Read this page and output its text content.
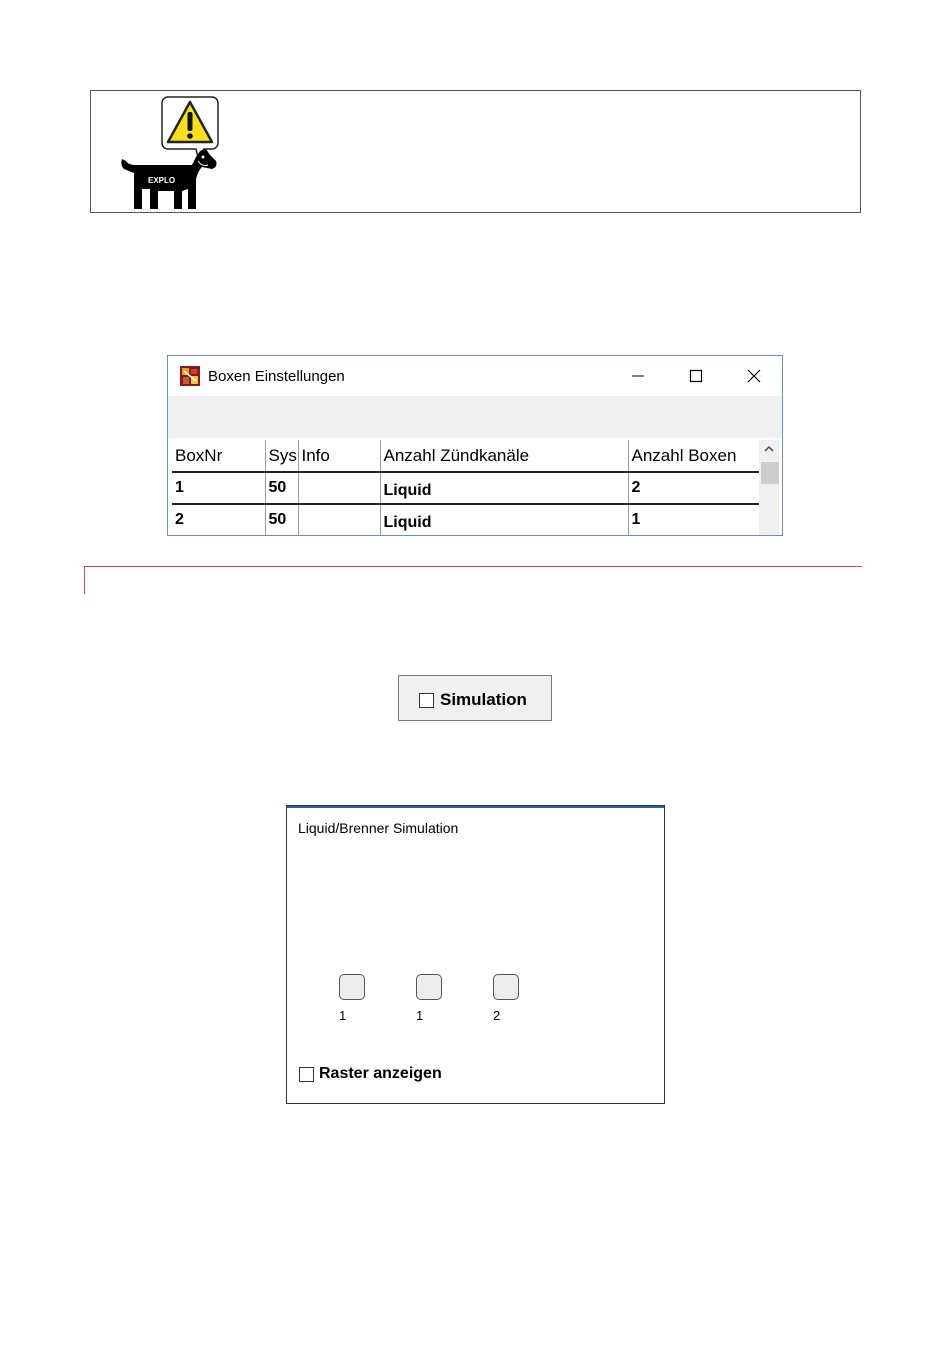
EXPLO
Boxen Einstellungen
BoxNr	Sys	Info	Anzahl Zündkanäle	Anzahl Boxen
1	50		Liquid	2
2	50		Liquid	1
Simulation
Liquid/Brenner Simulation
1	1	2
Raster anzeigen
